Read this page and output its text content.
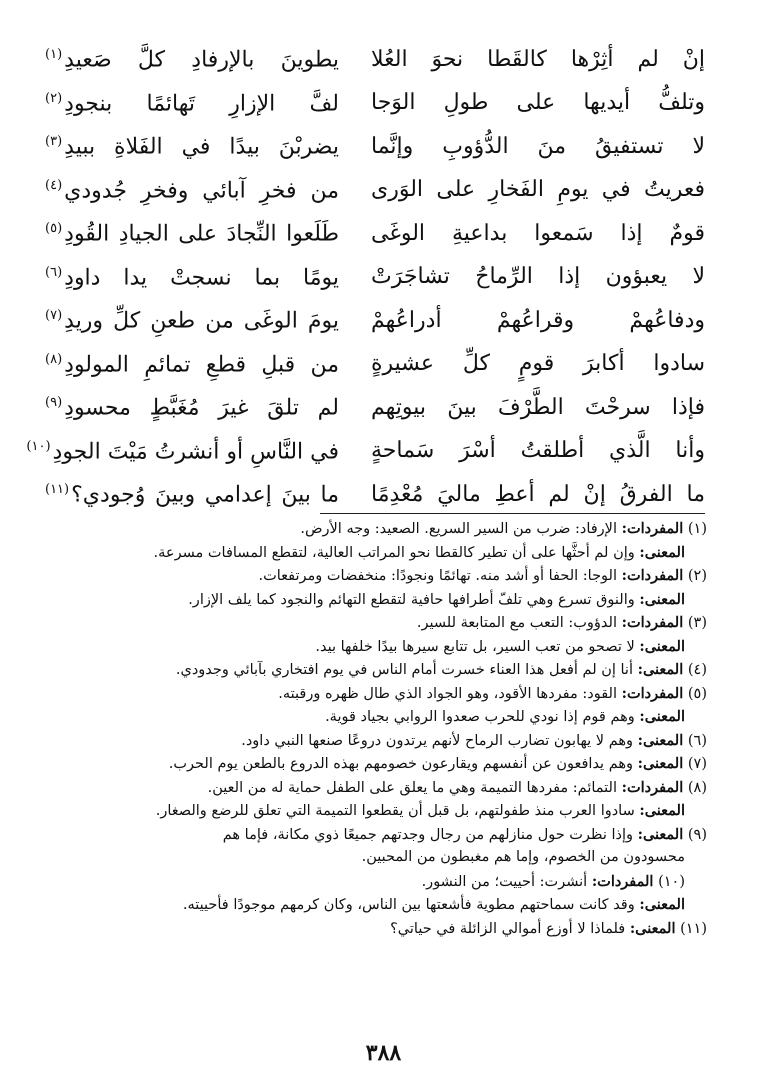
إنْ لم أثِرْها كالقَطا نحوَ العُلا
يطوينَ بالإرفادِ كلَّ صَعيدِ$^{(١)}$
وتلفُّ أيديها على طولِ الوَجا
لفَّ الإزارِ تَهائمًا بنجودِ$^{(٢)}$
لا تستفيقُ منَ الدُّؤوبِ وإنَّما
يضربْنَ بيدًا في الفَلاةِ ببيدِ$^{(٣)}$
فعريتُ في يومِ الفَخارِ على الوَرى
من فخرِ آبائي وفخرِ جُدودي$^{(٤)}$
قومٌ إذا سَمعوا بداعيةِ الوغَى
طَلَعوا النِّجادَ على الجيادِ القُودِ$^{(٥)}$
لا يعبؤون إذا الرِّماحُ تشاجَرَتْ
يومًا بما نسجتْ يدا داودِ$^{(٦)}$
ودفاعُهمْ وقراعُهمْ أدراعُهمْ
يومَ الوغَى من طعنِ كلِّ وريدِ$^{(٧)}$
سادوا أكابرَ قومٍ كلِّ عشيرةٍ
من قبلِ قطعِ تمائمِ المولودِ$^{(٨)}$
فإذا سرحْتَ الطَّرْفَ بينَ بيوتِهم
لم تلقَ غيرَ مُغَبَّطٍ محسودِ$^{(٩)}$
وأنا الَّذي أطلقتُ أسْرَ سَماحةٍ
في النَّاسِ أو أنشرتُ مَيْتَ الجودِ$^{(١٠)}$
ما الفرقُ إنْ لم أعطِ ماليَ مُعْدِمًا
ما بينَ إعدامي وبينَ وُجودي؟$^{(١١)}$
(١) المفردات: الإرفاد: ضرب من السير السريع. الصعيد: وجه الأرض.
المعنى: وإن لم أحثَّها على أن تطير كالقطا نحو المراتب العالية، لتقطع المسافات مسرعة.
(٢) المفردات: الوجا: الحفا أو أشد منه. تهائمًا ونجودًا: منخفضات ومرتفعات.
المعنى: والنوق تسرع وهي تلفّ أطرافها حافية لتقطع التهائم والنجود كما يلف الإزار.
(٣) المفردات: الدؤوب: التعب مع المتابعة للسير.
المعنى: لا تصحو من تعب السير، بل تتابع سيرها بيدًا خلفها بيد.
(٤) المعنى: أنا إن لم أفعل هذا العناء خسرت أمام الناس في يوم افتخاري بآبائي وجدودي.
(٥) المفردات: القود: مفردها الأقود، وهو الجواد الذي طال ظهره ورقبته.
المعنى: وهم قوم إذا نودي للحرب صعدوا الروابي بجياد قوية.
(٦) المعنى: وهم لا يهابون تضارب الرماح لأنهم يرتدون دروعًا صنعها النبي داود.
(٧) المعنى: وهم يدافعون عن أنفسهم ويقارعون خصومهم بهذه الدروع بالطعن يوم الحرب.
(٨) المفردات: التمائم: مفردها التميمة وهي ما يعلق على الطفل حماية له من العين.
المعنى: سادوا العرب منذ طفولتهم، بل قبل أن يقطعوا التميمة التي تعلق للرضع والصغار.
(٩) المعنى: وإذا نظرت حول منازلهم من رجال وجدتهم جميعًا ذوي مكانة، فإما هم
محسودون من الخصوم، وإما هم مغبطون من المحبين.
(١٠) المفردات: أنشرت: أحييت؛ من النشور.
المعنى: وقد كانت سماحتهم مطوية فأشعتها بين الناس، وكان كرمهم موجودًا فأحييته.
(١١) المعنى: فلماذا لا أوزع أموالي الزائلة في حياتي؟
٣٨٨
